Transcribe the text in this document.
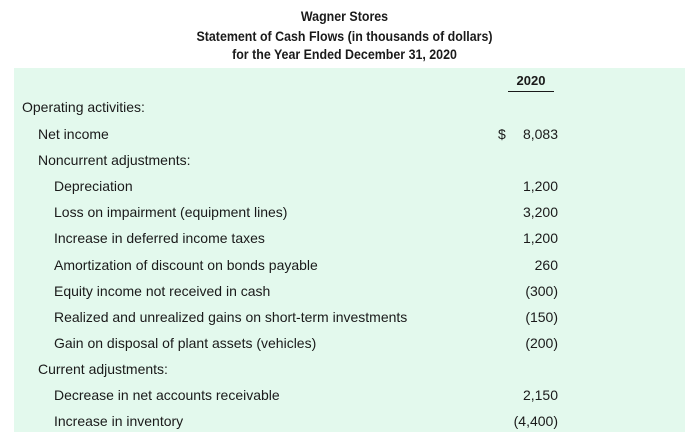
Wagner Stores
Statement of Cash Flows (in thousands of dollars)
for the Year Ended December 31, 2020
2020
Operating activities:
Net income
Noncurrent adjustments:
Depreciation
Loss on impairment (equipment lines)
Increase in deferred income taxes
Amortization of discount on bonds payable
Equity income not received in cash
Realized and unrealized gains on short-term investments
Gain on disposal of plant assets (vehicles)
Current adjustments:
Decrease in net accounts receivable
Increase in inventory
$ 8,083
1,200
3,200
1,200
260
(300)
(150)
(200)
2,150
(4,400)
